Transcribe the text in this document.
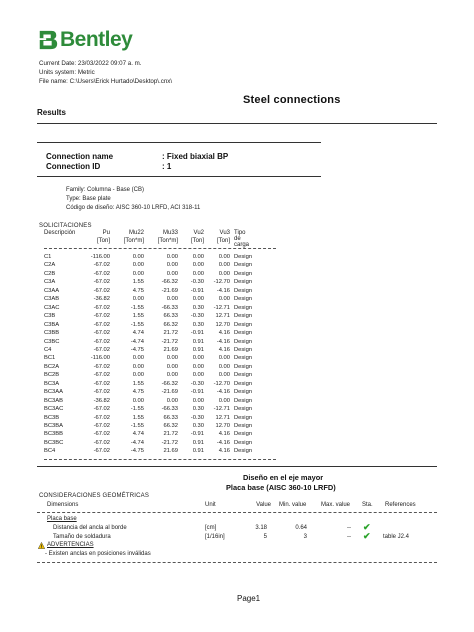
Bentley
Current Date: 23/03/2022 09:07 a. m.
Units system: Metric
File name: C:\Users\Erick Hurtado\Desktop\.cnx\
Steel connections
Results
Connection name	: Fixed biaxial BP
Connection ID	: 1
Family: Columna - Base (CB)
Type: Base plate
Código de diseño: AISC 360-10 LRFD, ACI 318-11
SOLICITACIONES
Descripción	Pu	Mu22	Mu33	Vu2	Vu3 Tipo de carga
[Ton]	[Ton*m]	[Ton*m]	[Ton]	[Ton]
C1	-116.00	0.00	0.00	0.00	0.00 Design
C2A	-67.02	0.00	0.00	0.00	0.00 Design
C2B	-67.02	0.00	0.00	0.00	0.00 Design
C3A	-67.02	1.55	-66.32	-0.30	-12.70 Design
C3AA	-67.02	4.75	-21.69	-0.91	-4.16 Design
C3AB	-36.82	0.00	0.00	0.00	0.00 Design
C3AC	-67.02	-1.55	-66.33	0.30	-12.71 Design
C3B	-67.02	1.55	66.33	-0.30	12.71 Design
C3BA	-67.02	-1.55	66.32	0.30	12.70 Design
C3BB	-67.02	4.74	21.72	-0.91	4.16 Design
C3BC	-67.02	-4.74	-21.72	0.91	-4.16 Design
C4	-67.02	-4.75	21.69	0.91	4.16 Design
BC1	-116.00	0.00	0.00	0.00	0.00 Design
BC2A	-67.02	0.00	0.00	0.00	0.00 Design
BC2B	-67.02	0.00	0.00	0.00	0.00 Design
BC3A	-67.02	1.55	-66.32	-0.30	-12.70 Design
BC3AA	-67.02	4.75	-21.69	-0.91	-4.16 Design
BC3AB	-36.82	0.00	0.00	0.00	0.00 Design
BC3AC	-67.02	-1.55	-66.33	0.30	-12.71 Design
BC3B	-67.02	1.55	66.33	-0.30	12.71 Design
BC3BA	-67.02	-1.55	66.32	0.30	12.70 Design
BC3BB	-67.02	4.74	21.72	-0.91	4.16 Design
BC3BC	-67.02	-4.74	-21.72	0.91	-4.16 Design
BC4	-67.02	-4.75	21.69	0.91	4.16 Design
Diseño en el eje mayor
Placa base (AISC 360-10 LRFD)
CONSIDERACIONES GEOMÉTRICAS
Dimensions	Unit	Value Min. value Max. value Sta. References
Placa base
Distancia del ancla al borde	[cm]	3.18	0.64	-- ✔
Tamaño de soldadura	[1/16in]	5	3	-- ✔ table J2.4
ADVERTENCIAS
- Existen anclas en posiciones inválidas
Page1
